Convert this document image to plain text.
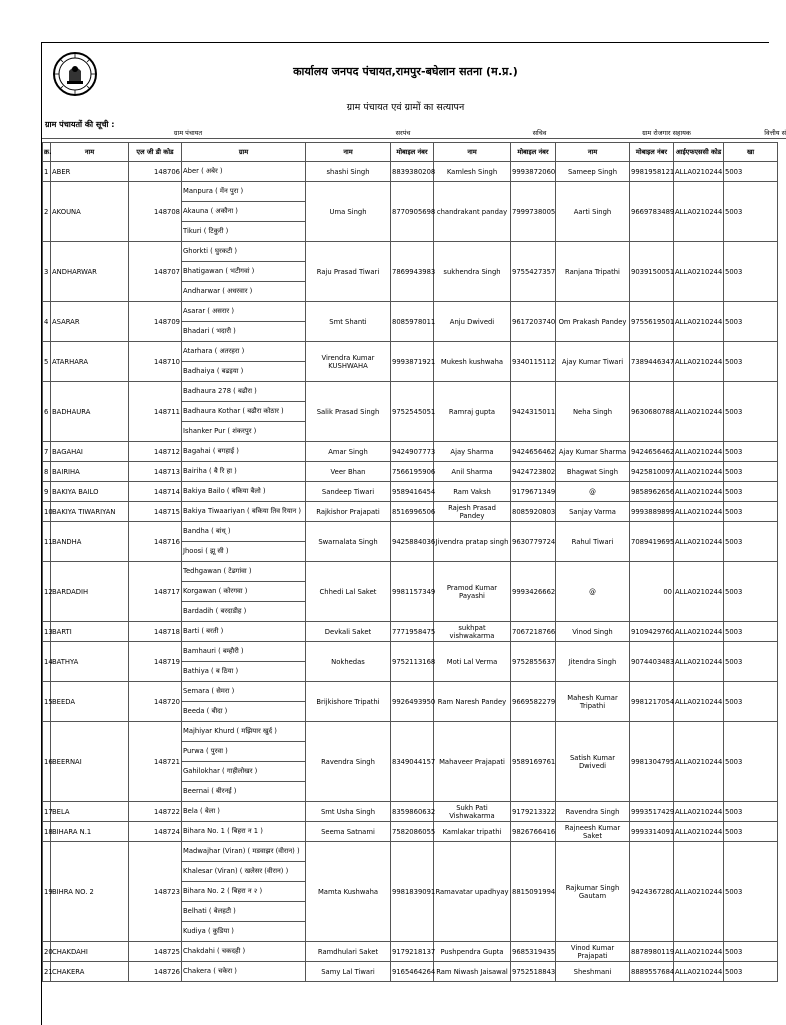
कार्यालय जनपद पंचायत,रामपुर-बघेलान सतना (म.प्र.)
ग्राम पंचायत एवं ग्रामों का सत्यापन
ग्राम पंचायतों की सूची :
ग्राम पंचायत	सरपंच	सचिव	ग्राम रोजगार सहायक	वित्तीय सं
क्र.	नाम	एल जी डी कोड	ग्राम	नाम	मोबाइल नंबर	नाम	मोबाइल नंबर	नाम	मोबाइल नंबर	आईएफएससी कोड	खा
1	ABER	148706	Aber ( अबेर )	shashi Singh	8839380208	Kamlesh Singh	9993872060	Sameep Singh	9981958121	ALLA0210244	5003
2	AKOUNA	148708	Manpura ( मेंन पुरा )	Uma Singh	8770905698	chandrakant panday	7999738005	Aarti Singh	9669783489	ALLA0210244	5003
			Akauna ( अकौना )								
			Tikuri ( टिकुरी )								
3	ANDHARWAR	148707	Ghorkti ( घुरकटी )	Raju Prasad Tiwari	7869943983	sukhendra Singh	9755427357	Ranjana Tripathi	9039150051	ALLA0210244	5003
			Bhatigawan ( भटीगवां )								
			Andharwar ( अधरवार )								
4	ASARAR	148709	Asarar ( असरार )	Smt Shanti	8085978011	Anju Dwivedi	9617203740	Om Prakash Pandey	9755619501	ALLA0210244	5003
			Bhadari ( भदारी )								
5	ATARHARA	148710	Atarhara ( अतरहरा )	Virendra Kumar KUSHWAHA	9993871921	Mukesh kushwaha	9340115112	Ajay Kumar Tiwari	7389446347	ALLA0210244	5003
			Badhaiya ( बढइया )								
6	BADHAURA	148711	Badhaura 278 ( बढौरा )	Salik Prasad Singh	9752545051	Ramraj gupta	9424315011	Neha Singh	9630680788	ALLA0210244	5003
			Badhaura Kothar ( बढौरा कोठार )								
			Ishanker Pur ( शंकरपुर )								
7	BAGAHAI	148712	Bagahai ( बगहाई )	Amar Singh	9424907773	Ajay Sharma	9424656462	Ajay Kumar Sharma	9424656462	ALLA0210244	5003
8	BAIRIHA	148713	Bairiha ( बै रि हा )	Veer Bhan	7566195906	Anil Sharma	9424723802	Bhagwat Singh	9425810097	ALLA0210244	5003
9	BAKIYA BAILO	148714	Bakiya Bailo ( बकिया बैलो )	Sandeep Tiwari	9589416454	Ram Vaksh	9179671349	@	9858962656	ALLA0210244	5003
10	BAKIYA TIWARIYAN	148715	Bakiya Tiwaariyan ( बकिया तिव रियान )	Rajkishor Prajapati	8516996506	Rajesh Prasad Pandey	8085920803	Sanjay Varma	9993889899	ALLA0210244	5003
11	BANDHA	148716	Bandha ( बांध् )	Swarnalata Singh	9425884036	Jivendra pratap singh	9630779724	Rahul Tiwari	7089419695	ALLA0210244	5003
			Jhoosi ( झू सी )								
12	BARDADIH	148717	Tedhgawan ( टेढगांवा )	Chhedi Lal Saket	9981157349	Pramod Kumar Payashi	9993426662	@	00	ALLA0210244	5003
			Korgawan ( कोरगवा )								
			Bardadih ( बरदाडीह )								
13	BARTI	148718	Barti ( बरती )	Devkali Saket	7771958475	sukhpat vishwakarma	7067218766	Vinod Singh	9109429760	ALLA0210244	5003
14	BATHYA	148719	Bamhauri ( बम्हौरी )	Nokhedas	9752113168	Moti Lal Verma	9752855637	Jitendra Singh	9074403483	ALLA0210244	5003
			Bathiya ( ब ठिया )								
15	BEEDA	148720	Semara ( सेमरा )	Brijkishore Tripathi	9926493950	Ram Naresh Pandey	9669582279	Mahesh Kumar Tripathi	9981217054	ALLA0210244	5003
			Beeda ( बीदा )								
16	BEERNAI	148721	Majhiyar Khurd ( मझियार खुर्द )	Ravendra Singh	8349044157	Mahaveer Prajapati	9589169761	Satish Kumar Dwivedi	9981304795	ALLA0210244	5003
			Purwa ( पुरवा )								
			Gahilokhar ( गाहीलोखर )								
			Beernai ( बीरनई )								
17	BELA	148722	Bela ( बेला )	Smt Usha Singh	8359860632	Sukh Pati Vishwakarma	9179213322	Ravendra Singh	9993517429	ALLA0210244	5003
18	BIHARA N.1	148724	Bihara No. 1 ( बिहरा न 1 )	Seema Satnami	7582086055	Kamlakar tripathi	9826766416	Rajneesh Kumar Saket	9993314091	ALLA0210244	5003
19	BIHRA NO. 2	148723	Madwajhar (Viran) ( मडवाझर (वीरान) )	Mamta Kushwaha	9981839091	Ramavatar upadhyay	8815091994	Rajkumar Singh Gautam	9424367280	ALLA0210244	5003
			Khalesar (Viran) ( खलेसर (वीरान) )								
			Bihara No. 2 ( बिहरा न २ )								
			Belhati ( बेलहटी )								
			Kudiya ( कुडिया )								
20	CHAKDAHI	148725	Chakdahi ( चकदही )	Ramdhulari Saket	9179218137	Pushpendra Gupta	9685319435	Vinod Kumar Prajapati	8878980119	ALLA0210244	5003
21	CHAKERA	148726	Chakera ( चकेरा )	Samy Lal Tiwari	9165464264	Ram Niwash Jaisawal	9752518843	Sheshmani	8889557684	ALLA0210244	5003
